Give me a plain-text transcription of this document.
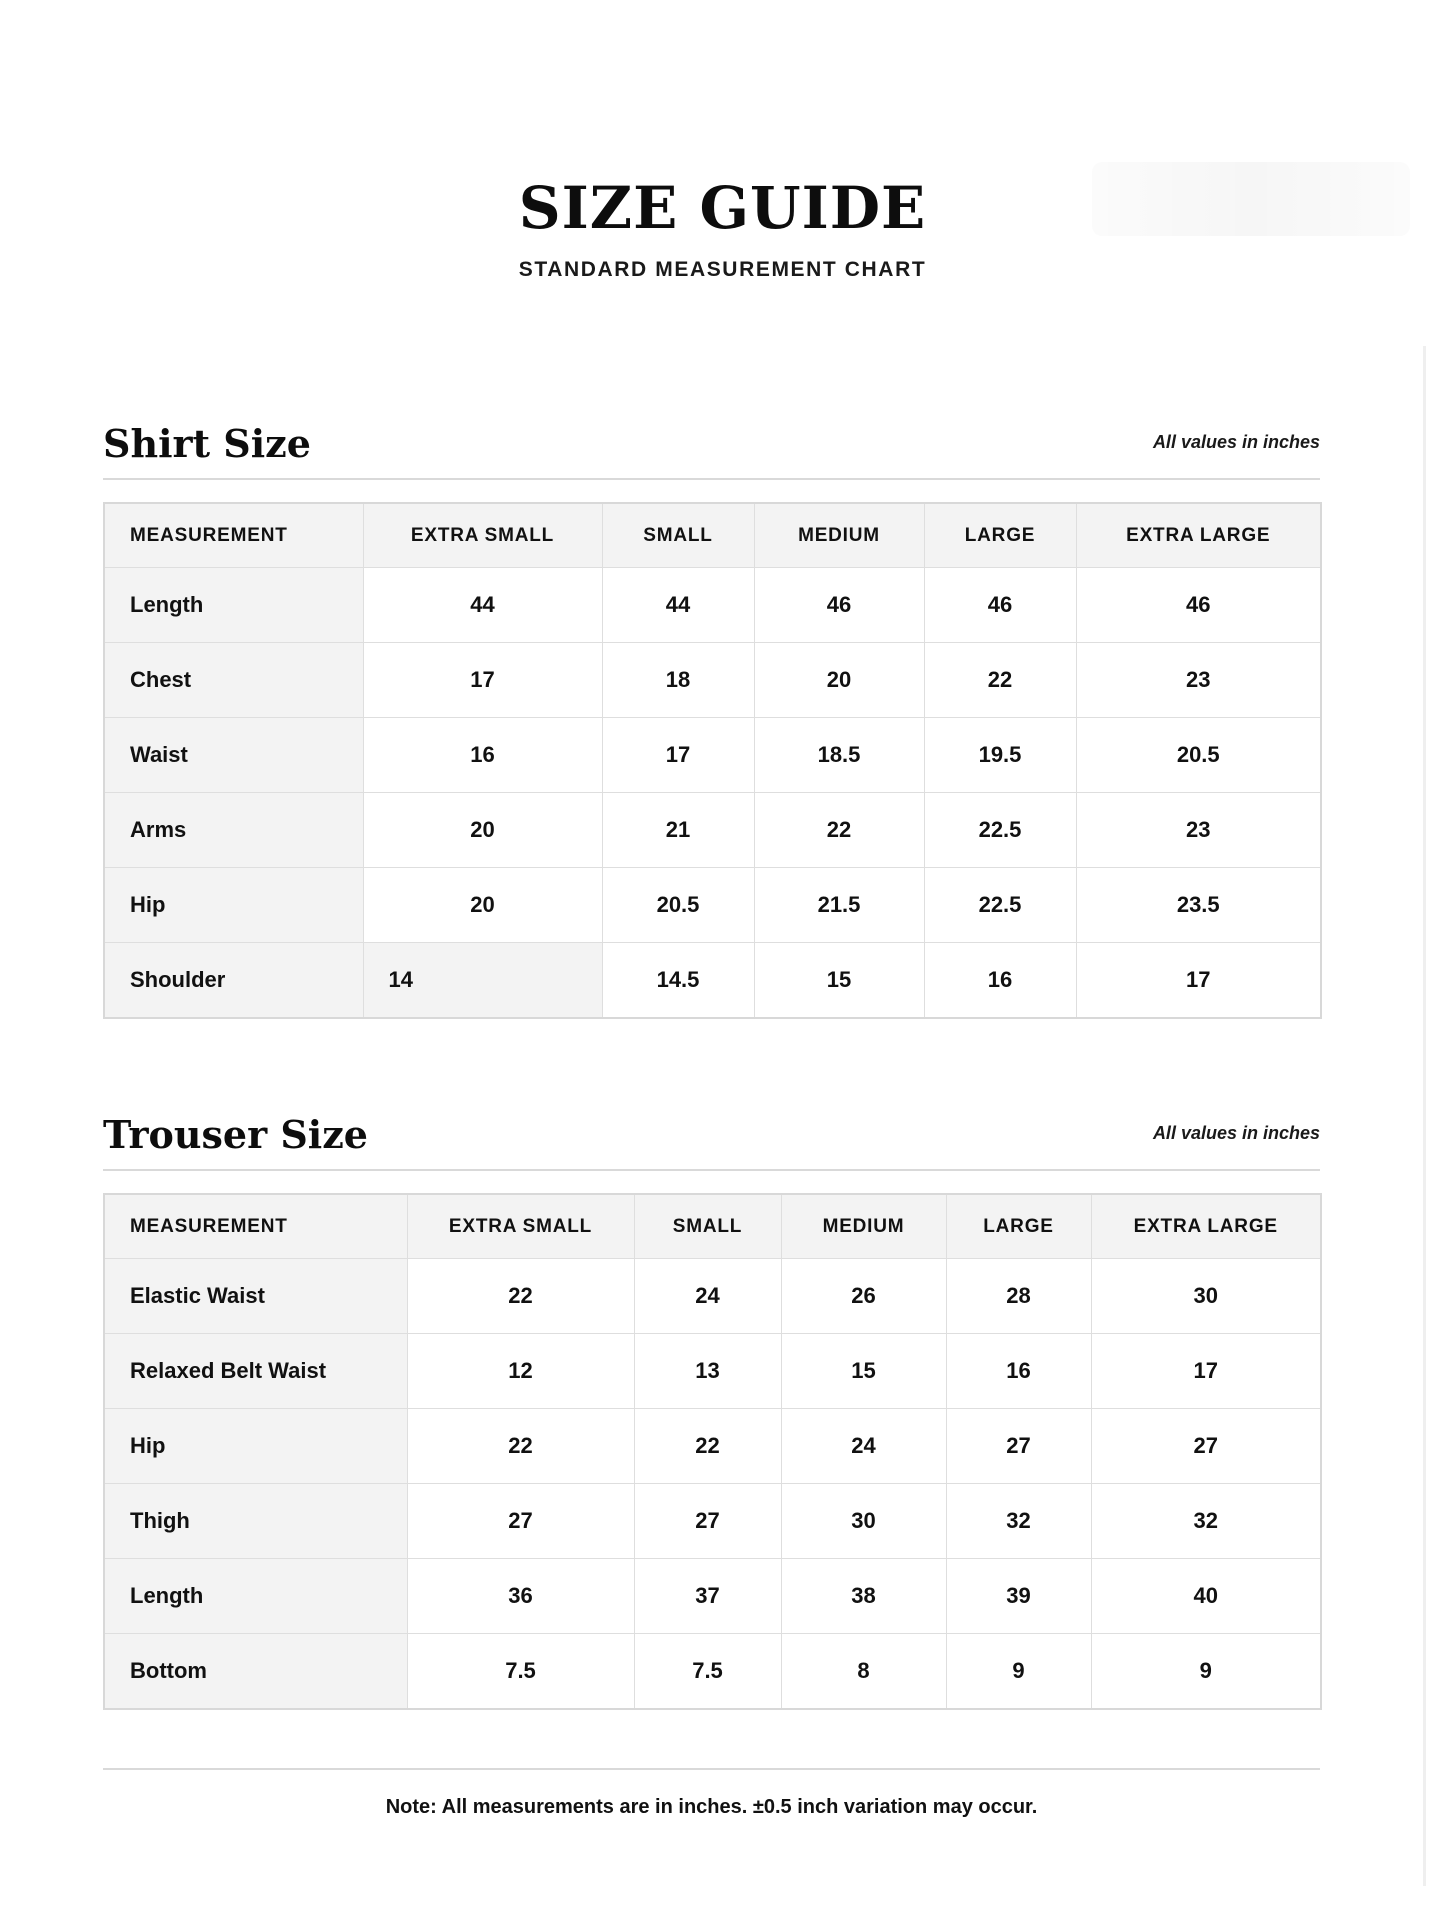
SIZE GUIDE
STANDARD MEASUREMENT CHART
Shirt Size	All values in inches
MEASUREMENT	EXTRA SMALL	SMALL	MEDIUM	LARGE	EXTRA LARGE
Length	44	44	46	46	46
Chest	17	18	20	22	23
Waist	16	17	18.5	19.5	20.5
Arms	20	21	22	22.5	23
Hip	20	20.5	21.5	22.5	23.5
Shoulder	14	14.5	15	16	17
Trouser Size	All values in inches
MEASUREMENT	EXTRA SMALL	SMALL	MEDIUM	LARGE	EXTRA LARGE
Elastic Waist	22	24	26	28	30
Relaxed Belt Waist	12	13	15	16	17
Hip	22	22	24	27	27
Thigh	27	27	30	32	32
Length	36	37	38	39	40
Bottom	7.5	7.5	8	9	9
Note: All measurements are in inches. ±0.5 inch variation may occur.
